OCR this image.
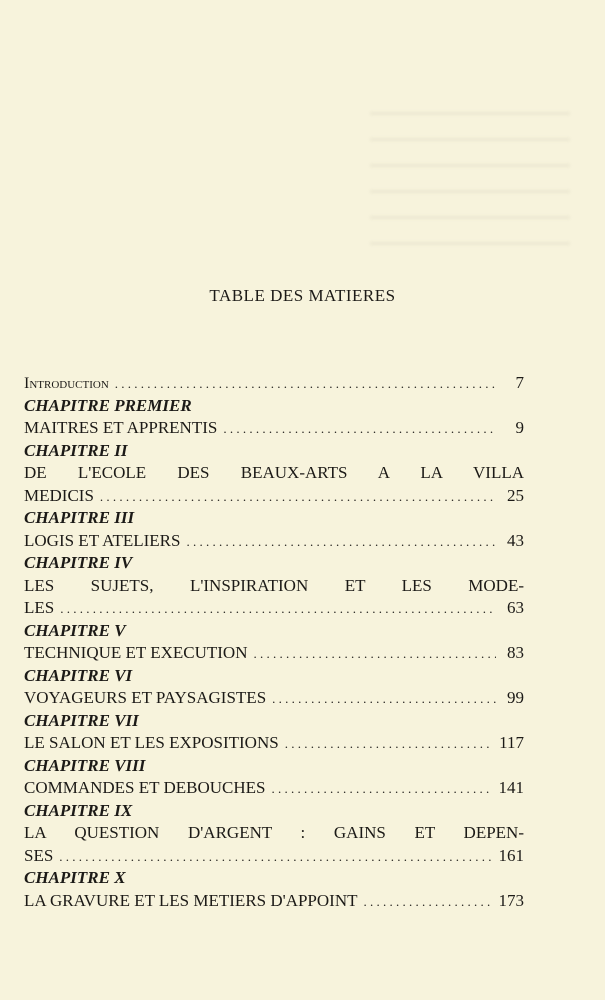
TABLE DES MATIERES
Introduction . . .	7
CHAPITRE PREMIER
MAITRES ET APPRENTIS . . .	9
CHAPITRE II
DE L'ECOLE DES BEAUX-ARTS A LA VILLA
MEDICIS . . .	25
CHAPITRE III
LOGIS ET ATELIERS . . .	43
CHAPITRE IV
LES SUJETS, L'INSPIRATION ET LES MODE-
LES . . .	63
CHAPITRE V
TECHNIQUE ET EXECUTION . . .	83
CHAPITRE VI
VOYAGEURS ET PAYSAGISTES . . .	99
CHAPITRE VII
LE SALON ET LES EXPOSITIONS . . .	117
CHAPITRE VIII
COMMANDES ET DEBOUCHES . . .	141
CHAPITRE IX
LA QUESTION D'ARGENT : GAINS ET DEPEN-
SES . . .	161
CHAPITRE X
LA GRAVURE ET LES METIERS D'APPOINT . . .	173
